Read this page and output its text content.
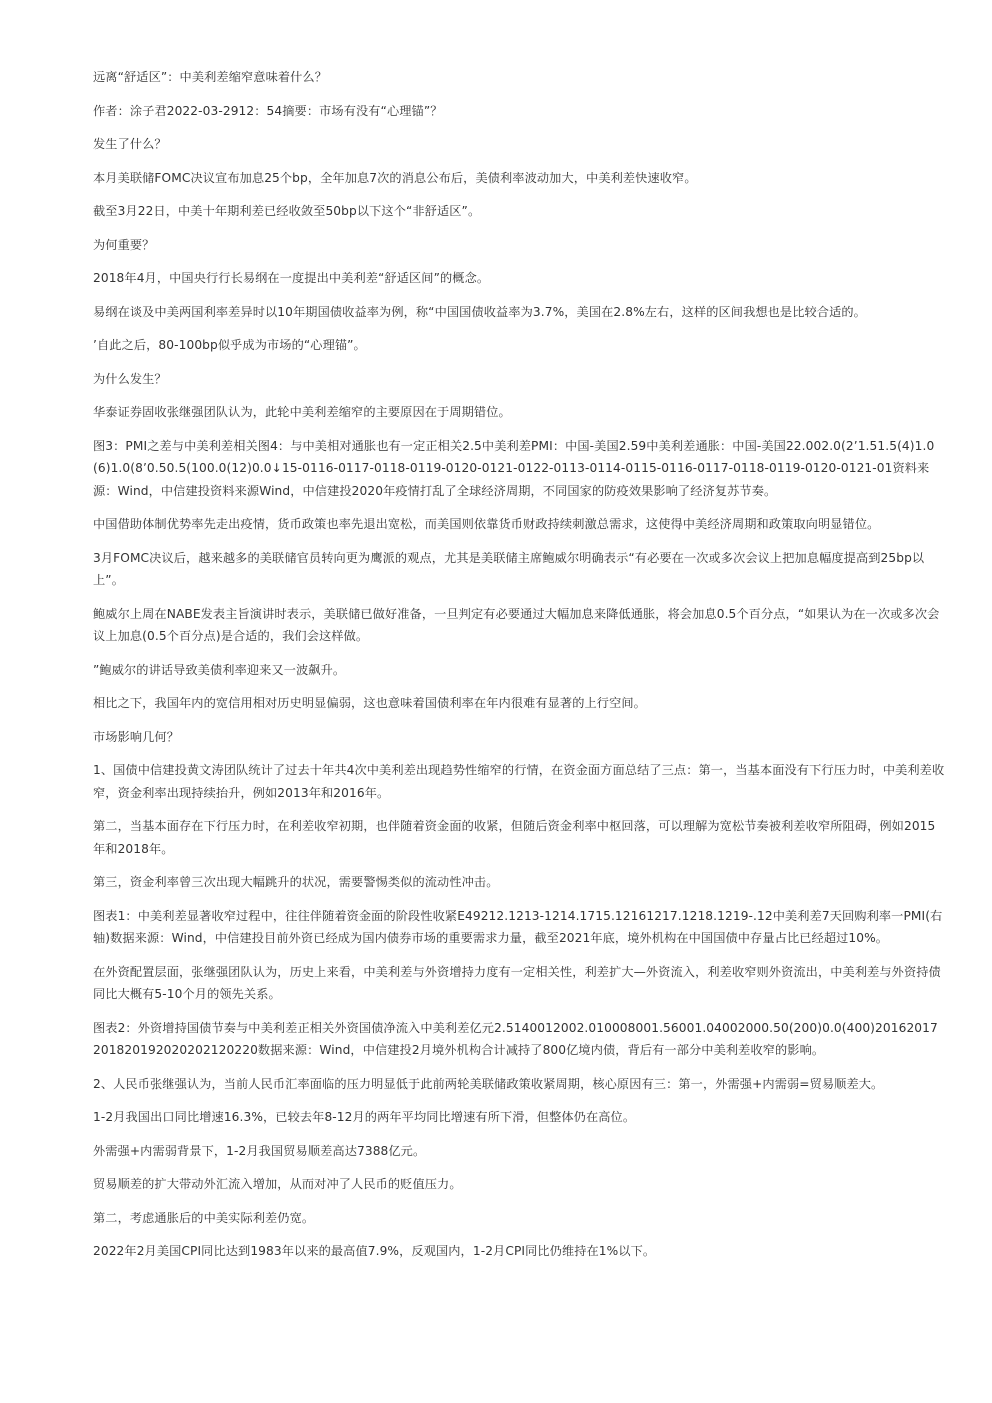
远离“舒适区”：中美利差缩窄意味着什么？

作者：涂子君2022-03-2912：54摘要：市场有没有“心理锚”？

发生了什么？

本月美联储FOMC决议宣布加息25个bp，全年加息7次的消息公布后，美债利率波动加大，中美利差快速收窄。

截至3月22日，中美十年期利差已经收敛至50bp以下这个“非舒适区”。

为何重要？

2018年4月，中国央行行长易纲在一度提出中美利差“舒适区间”的概念。

易纲在谈及中美两国利率差异时以10年期国债收益率为例，称“中国国债收益率为3.7%，美国在2.8%左右，这样的区间我想也是比较合适的。

’自此之后，80-100bp似乎成为市场的“心理锚”。

为什么发生？

华泰证券固收张继强团队认为，此轮中美利差缩窄的主要原因在于周期错位。

图3：PMI之差与中美利差相关图4：与中美相对通胀也有一定正相关2.5中美利差PMI：中国-美国2.59中美利差通胀：中国-美国22.002.0(2’1.51.5(4)1.0(6)1.0(8’0.50.5(100.0(12)0.0↓15-0116-0117-0118-0119-0120-0121-0122-0113-0114-0115-0116-0117-0118-0119-0120-0121-01资料来源：Wind，中信建投资料来源Wind，中信建投2020年疫情打乱了全球经济周期，不同国家的防疫效果影响了经济复苏节奏。

中国借助体制优势率先走出疫情，货币政策也率先退出宽松，而美国则依靠货币财政持续刺激总需求，这使得中美经济周期和政策取向明显错位。

3月FOMC决议后，越来越多的美联储官员转向更为鹰派的观点，尤其是美联储主席鲍威尔明确表示“有必要在一次或多次会议上把加息幅度提高到25bp以上”。

鲍威尔上周在NABE发表主旨演讲时表示，美联储已做好准备，一旦判定有必要通过大幅加息来降低通胀，将会加息0.5个百分点，“如果认为在一次或多次会议上加息(0.5个百分点)是合适的，我们会这样做。

”鲍威尔的讲话导致美债利率迎来又一波飙升。

相比之下，我国年内的宽信用相对历史明显偏弱，这也意味着国债利率在年内很难有显著的上行空间。

市场影响几何？

1、国债中信建投黄文涛团队统计了过去十年共4次中美利差出现趋势性缩窄的行情，在资金面方面总结了三点：第一，当基本面没有下行压力时，中美利差收窄，资金利率出现持续抬升，例如2013年和2016年。

第二，当基本面存在下行压力时，在利差收窄初期，也伴随着资金面的收紧，但随后资金利率中枢回落，可以理解为宽松节奏被利差收窄所阻碍，例如2015年和2018年。

第三，资金利率曾三次出现大幅跳升的状况，需要警惕类似的流动性冲击。

图表1：中美利差显著收窄过程中，往往伴随着资金面的阶段性收紧E49212.1213-1214.1715.12161217.1218.1219-.12中美利差7天回购利率一PMI(右轴)数据来源：Wind，中信建投目前外资已经成为国内债券市场的重要需求力量，截至2021年底，境外机构在中国国债中存量占比已经超过10%。

在外资配置层面，张继强团队认为，历史上来看，中美利差与外资增持力度有一定相关性，利差扩大—外资流入，利差收窄则外资流出，中美利差与外资持债同比大概有5-10个月的领先关系。

图表2：外资增持国债节奏与中美利差正相关外资国债净流入中美利差亿元2.5140012002.010008001.56001.04002000.50(200)0.0(400)20162017201820192020202120220数据来源：Wind，中信建投2月境外机构合计减持了800亿境内债，背后有一部分中美利差收窄的影响。

2、人民币张继强认为，当前人民币汇率面临的压力明显低于此前两轮美联储政策收紧周期，核心原因有三：第一，外需强+内需弱=贸易顺差大。

1-2月我国出口同比增速16.3%，已较去年8-12月的两年平均同比增速有所下滑，但整体仍在高位。

外需强+内需弱背景下，1-2月我国贸易顺差高达7388亿元。

贸易顺差的扩大带动外汇流入增加，从而对冲了人民币的贬值压力。

第二，考虑通胀后的中美实际利差仍宽。

2022年2月美国CPI同比达到1983年以来的最高值7.9%，反观国内，1-2月CPI同比仍维持在1%以下。
